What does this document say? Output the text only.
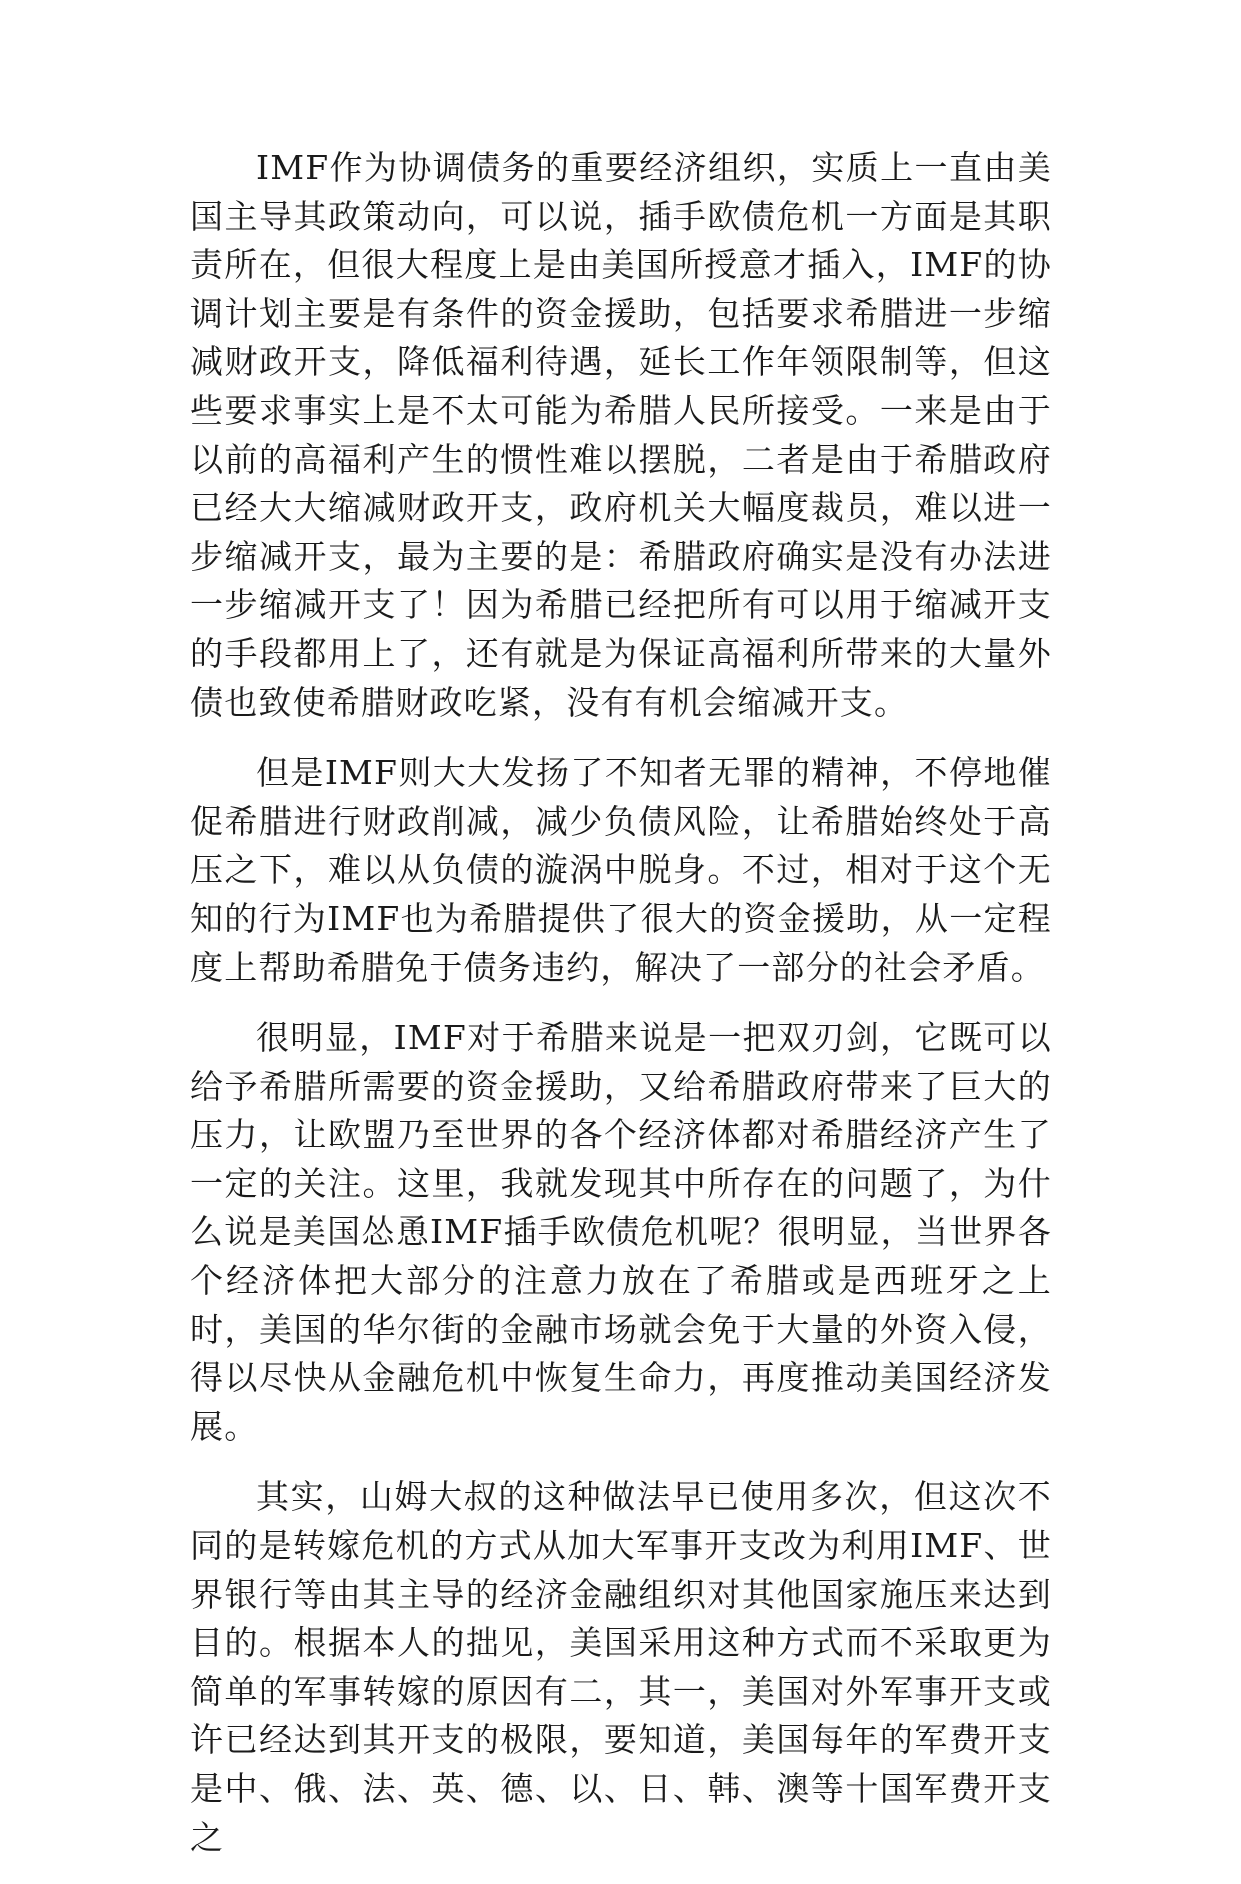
IMF作为协调债务的重要经济组织，实质上一直由美国主导其政策动向，可以说，插手欧债危机一方面是其职责所在，但很大程度上是由美国所授意才插入，IMF的协调计划主要是有条件的资金援助，包括要求希腊进一步缩减财政开支，降低福利待遇，延长工作年领限制等，但这些要求事实上是不太可能为希腊人民所接受。一来是由于以前的高福利产生的惯性难以摆脱，二者是由于希腊政府已经大大缩减财政开支，政府机关大幅度裁员，难以进一步缩减开支，最为主要的是：希腊政府确实是没有办法进一步缩减开支了！因为希腊已经把所有可以用于缩减开支的手段都用上了，还有就是为保证高福利所带来的大量外债也致使希腊财政吃紧，没有有机会缩减开支。

但是IMF则大大发扬了不知者无罪的精神，不停地催促希腊进行财政削减，减少负债风险，让希腊始终处于高压之下，难以从负债的漩涡中脱身。不过，相对于这个无知的行为IMF也为希腊提供了很大的资金援助，从一定程度上帮助希腊免于债务违约，解决了一部分的社会矛盾。

很明显，IMF对于希腊来说是一把双刃剑，它既可以给予希腊所需要的资金援助，又给希腊政府带来了巨大的压力，让欧盟乃至世界的各个经济体都对希腊经济产生了一定的关注。这里，我就发现其中所存在的问题了，为什么说是美国怂恿IMF插手欧债危机呢？很明显，当世界各个经济体把大部分的注意力放在了希腊或是西班牙之上时，美国的华尔街的金融市场就会免于大量的外资入侵，得以尽快从金融危机中恢复生命力，再度推动美国经济发展。

其实，山姆大叔的这种做法早已使用多次，但这次不同的是转嫁危机的方式从加大军事开支改为利用IMF、世界银行等由其主导的经济金融组织对其他国家施压来达到目的。根据本人的拙见，美国采用这种方式而不采取更为简单的军事转嫁的原因有二，其一，美国对外军事开支或许已经达到其开支的极限，要知道，美国每年的军费开支是中、俄、法、英、德、以、日、韩、澳等十国军费开支之
